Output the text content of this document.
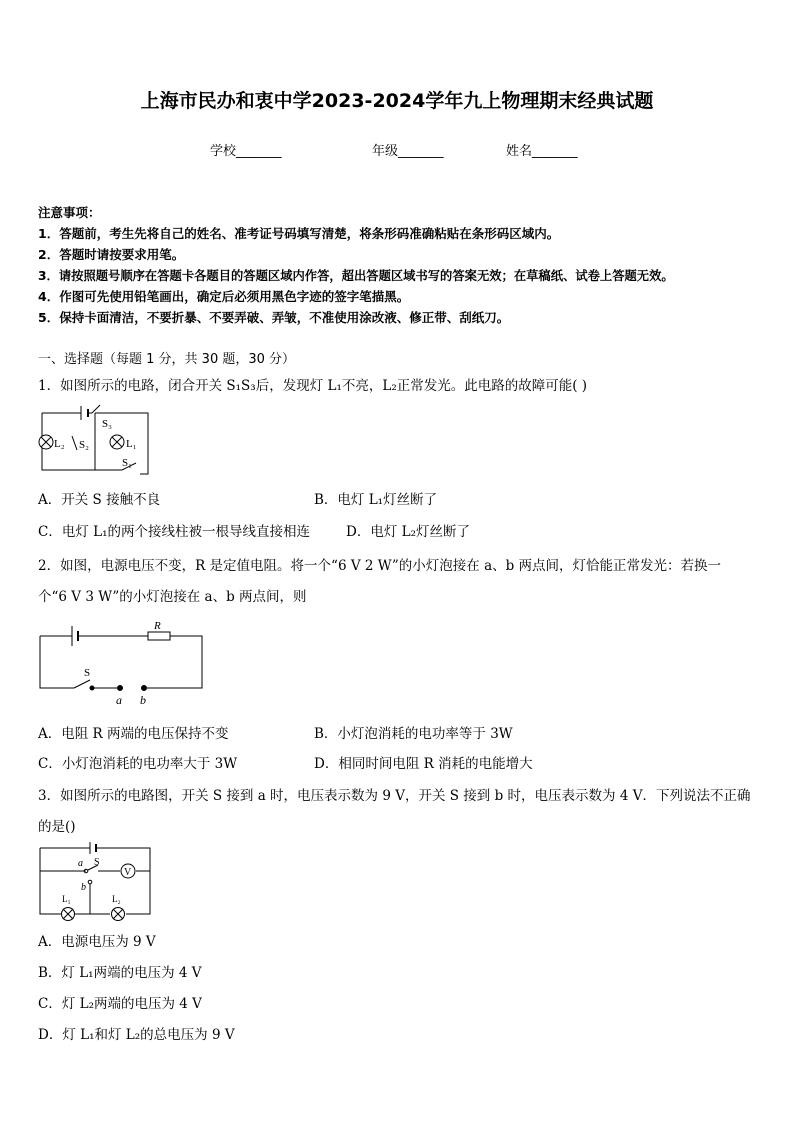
上海市民办和衷中学2023-2024学年九上物理期末经典试题
学校_______	年级_______	姓名_______
注意事项：
1．答题前，考生先将自己的姓名、准考证号码填写清楚，将条形码准确粘贴在条形码区域内。
2．答题时请按要求用笔。
3．请按照题号顺序在答题卡各题目的答题区域内作答，超出答题区域书写的答案无效；在草稿纸、试卷上答题无效。
4．作图可先使用铅笔画出，确定后必须用黑色字迹的签字笔描黑。
5．保持卡面清洁，不要折暴、不要弄破、弄皱，不准使用涂改液、修正带、刮纸刀。
一、选择题（每题 1 分，共 30 题，30 分）
1．如图所示的电路，闭合开关 S₁S₃后，发现灯 L₁不亮，L₂正常发光。此电路的故障可能( )
L₂ S₂
S₃
L₁
S₁
A．开关 S 接触不良	B．电灯 L₁灯丝断了
C．电灯 L₁的两个接线柱被一根导线直接相连	D．电灯 L₂灯丝断了
2．如图，电源电压不变，R 是定值电阻。将一个“6 V 2 W”的小灯泡接在 a、b 两点间，灯恰能正常发光：若换一
个“6 V 3 W”的小灯泡接在 a、b 两点间，则
R
S
a b
A．电阻 R 两端的电压保持不变	B．小灯泡消耗的电功率等于 3W
C．小灯泡消耗的电功率大于 3W	D．相同时间电阻 R 消耗的电能增大
3．如图所示的电路图，开关 S 接到 a 时，电压表示数为 9 V，开关 S 接到 b 时，电压表示数为 4 V．下列说法不正确
的是()
a S
V
b
L₁	L₂
A．电源电压为 9 V
B．灯 L₁两端的电压为 4 V
C．灯 L₂两端的电压为 4 V
D．灯 L₁和灯 L₂的总电压为 9 V
